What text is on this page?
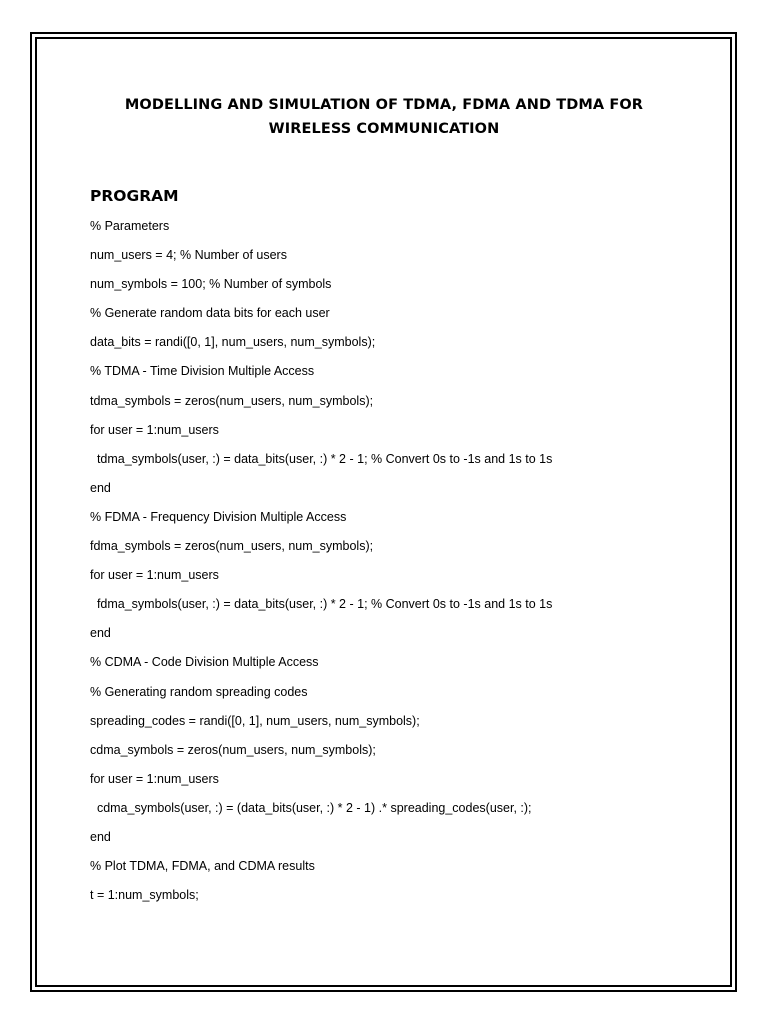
MODELLING AND SIMULATION OF TDMA, FDMA AND TDMA FOR
WIRELESS COMMUNICATION
PROGRAM
% Parameters
num_users = 4; % Number of users
num_symbols = 100; % Number of symbols
% Generate random data bits for each user
data_bits = randi([0, 1], num_users, num_symbols);
% TDMA - Time Division Multiple Access
tdma_symbols = zeros(num_users, num_symbols);
for user = 1:num_users
tdma_symbols(user, :) = data_bits(user, :) * 2 - 1; % Convert 0s to -1s and 1s to 1s
end
% FDMA - Frequency Division Multiple Access
fdma_symbols = zeros(num_users, num_symbols);
for user = 1:num_users
fdma_symbols(user, :) = data_bits(user, :) * 2 - 1; % Convert 0s to -1s and 1s to 1s
end
% CDMA - Code Division Multiple Access
% Generating random spreading codes
spreading_codes = randi([0, 1], num_users, num_symbols);
cdma_symbols = zeros(num_users, num_symbols);
for user = 1:num_users
cdma_symbols(user, :) = (data_bits(user, :) * 2 - 1) .* spreading_codes(user, :);
end
% Plot TDMA, FDMA, and CDMA results
t = 1:num_symbols;
